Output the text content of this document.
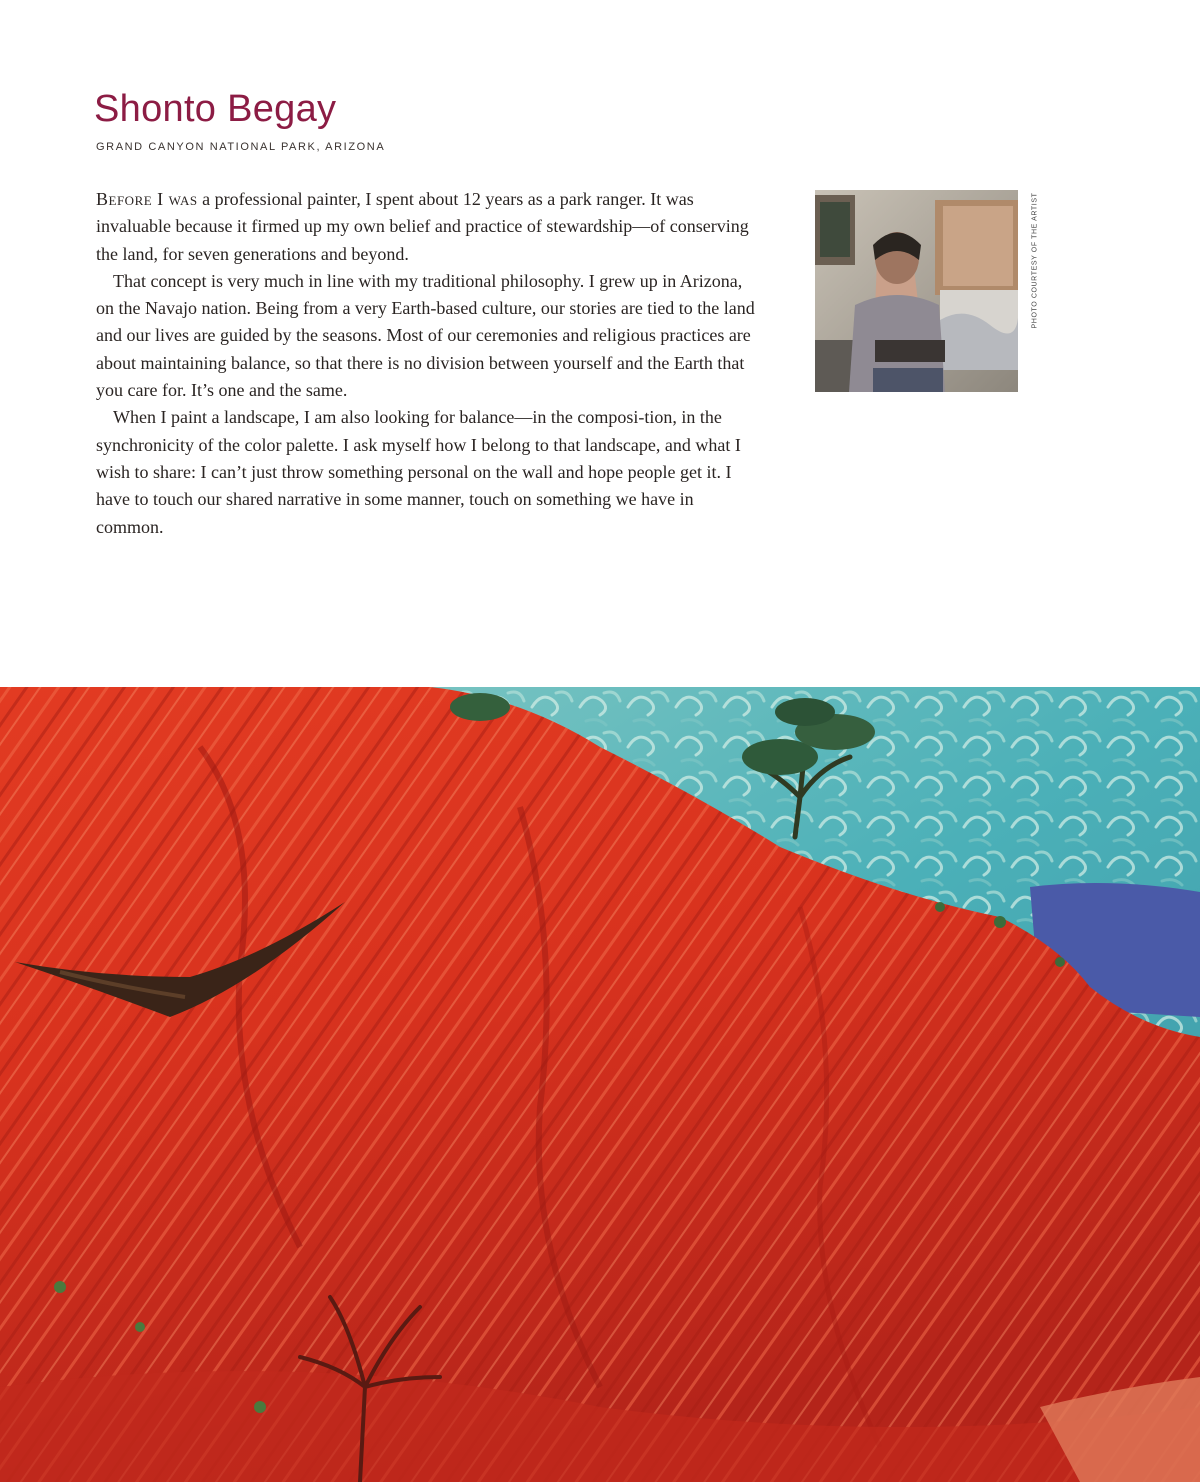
Shonto Begay
GRAND CANYON NATIONAL PARK, ARIZONA

Before I was a professional painter, I spent about 12 years as a park ranger. It was invaluable because it firmed up my own belief and practice of stewardship—of conserving the land, for seven generations and beyond.

That concept is very much in line with my traditional philosophy. I grew up in Arizona, on the Navajo nation. Being from a very Earth-based culture, our stories are tied to the land and our lives are guided by the seasons. Most of our ceremonies and religious practices are about maintaining balance, so that there is no division between yourself and the Earth that you care for. It’s one and the same.

When I paint a landscape, I am also looking for balance—in the composi-tion, in the synchronicity of the color palette. I ask myself how I belong to that landscape, and what I wish to share: I can’t just throw something personal on the wall and hope people get it. I have to touch our shared narrative in some manner, touch on something we have in common.

PHOTO COURTESY OF THE ARTIST
